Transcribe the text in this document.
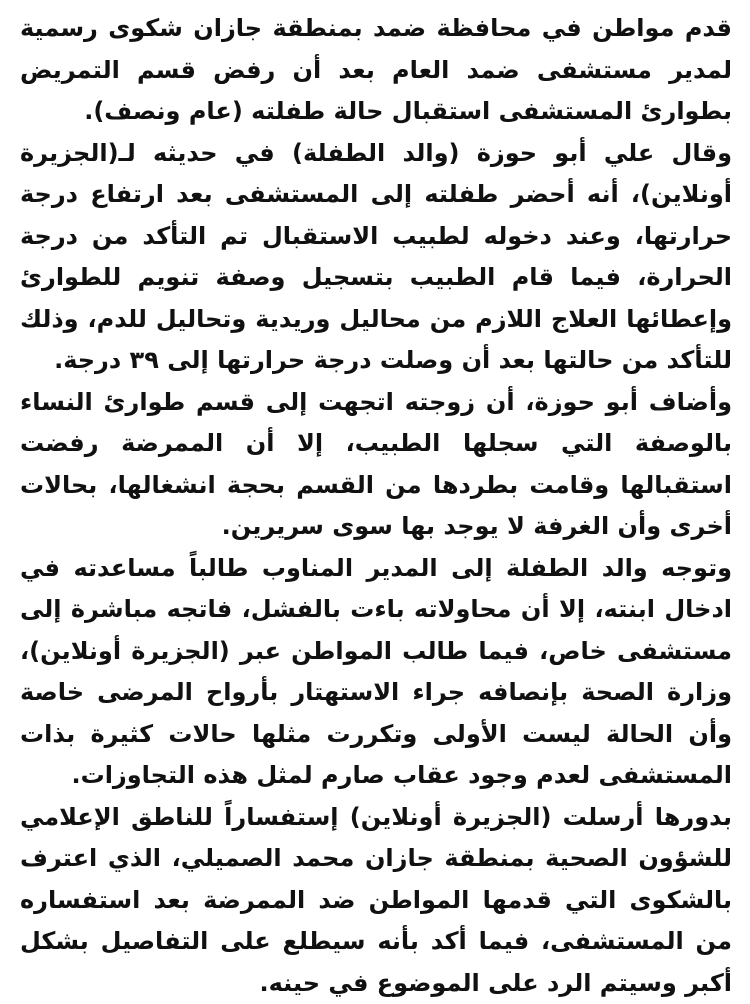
قدم مواطن في محافظة ضمد بمنطقة جازان شكوى رسمية لمدير مستشفى ضمد العام بعد أن رفض قسم التمريض بطوارئ المستشفى استقبال حالة طفلته (عام ونصف).

وقال علي أبو حوزة (والد الطفلة) في حديثه لـ(الجزيرة أونلاين)، أنه أحضر طفلته إلى المستشفى بعد ارتفاع درجة حرارتها، وعند دخوله لطبيب الاستقبال تم التأكد من درجة الحرارة، فيما قام الطبيب بتسجيل وصفة تنويم للطوارئ وإعطائها العلاج اللازم من محاليل وريدية وتحاليل للدم، وذلك للتأكد من حالتها بعد أن وصلت درجة حرارتها إلى ٣٩ درجة.

وأضاف أبو حوزة، أن زوجته اتجهت إلى قسم طوارئ النساء بالوصفة التي سجلها الطبيب، إلا أن الممرضة رفضت استقبالها وقامت بطردها من القسم بحجة انشغالها، بحالات أخرى وأن الغرفة لا يوجد بها سوى سريرين.

وتوجه والد الطفلة إلى المدير المناوب طالباً مساعدته في ادخال ابنته، إلا أن محاولاته باءت بالفشل، فاتجه مباشرة إلى مستشفى خاص، فيما طالب المواطن عبر (الجزيرة أونلاين)، وزارة الصحة بإنصافه جراء الاستهتار بأرواح المرضى خاصة وأن الحالة ليست الأولى وتكررت مثلها حالات كثيرة بذات المستشفى لعدم وجود عقاب صارم لمثل هذه التجاوزات.

بدورها أرسلت (الجزيرة أونلاين) إستفساراً للناطق الإعلامي للشؤون الصحية بمنطقة جازان محمد الصميلي، الذي اعترف بالشكوى التي قدمها المواطن ضد الممرضة بعد استفساره من المستشفى، فيما أكد بأنه سيطلع على التفاصيل بشكل أكبر وسيتم الرد على الموضوع في حينه.
